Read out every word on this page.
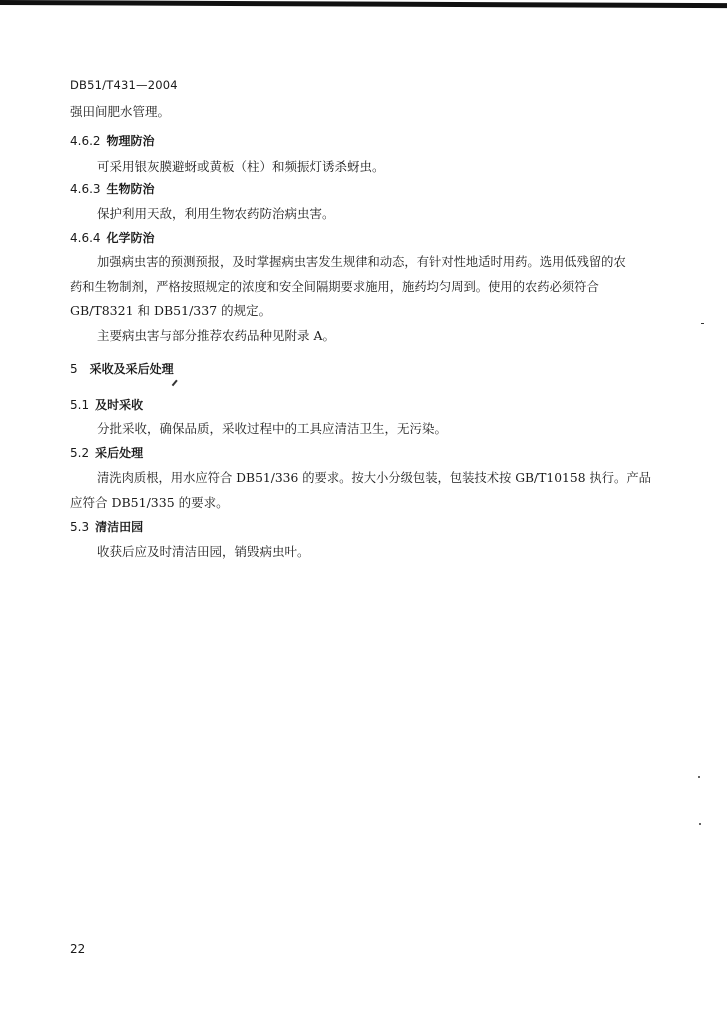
DB51/T431—2004
强田间肥水管理。
4.6.2 物理防治
可采用银灰膜避蚜或黄板（柱）和频振灯诱杀蚜虫。
4.6.3 生物防治
保护利用天敌，利用生物农药防治病虫害。
4.6.4 化学防治
加强病虫害的预测预报，及时掌握病虫害发生规律和动态，有针对性地适时用药。选用低残留的农
药和生物制剂，严格按照规定的浓度和安全间隔期要求施用，施药均匀周到。使用的农药必须符合
GB/T8321 和 DB51/337 的规定。
主要病虫害与部分推荐农药品种见附录 A。
5 采收及采后处理
5.1 及时采收
分批采收，确保品质，采收过程中的工具应清洁卫生，无污染。
5.2 采后处理
清洗肉质根，用水应符合 DB51/336 的要求。按大小分级包装，包装技术按 GB/T10158 执行。产品
应符合 DB51/335 的要求。
5.3 清洁田园
收获后应及时清洁田园，销毁病虫叶。
22
